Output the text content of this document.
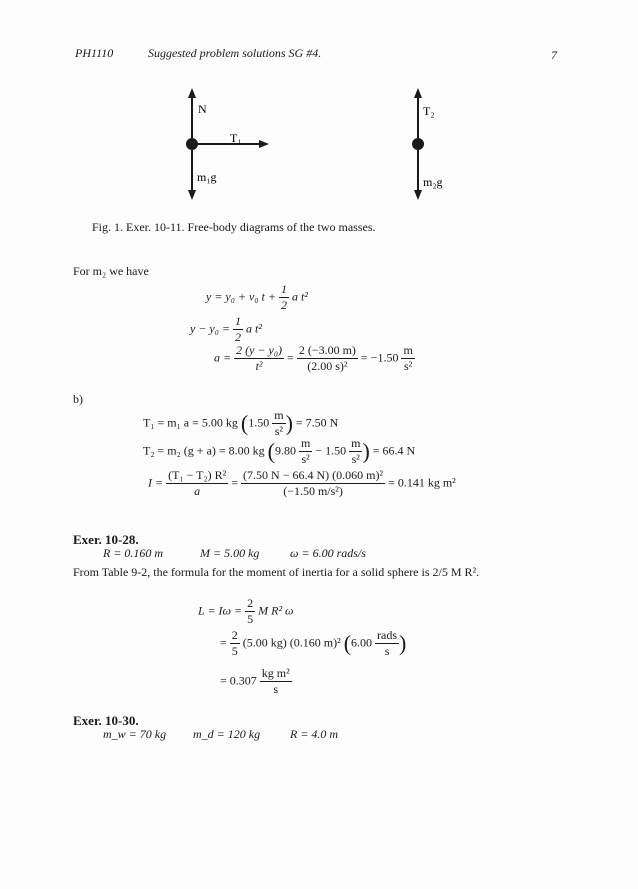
PH1110	Suggested problem solutions SG #4.	7
N
T₁
m₁g
T₂
m₂g
Fig. 1. Exer. 10-11. Free-body diagrams of the two masses.
For m₂ we have
y = y₀ + v₀ $t + \frac{1}{2}$ a t²
$y - y_0 = \frac{1}{2}$ a t²
$a = \frac{\text{2 (y − y₀)}}{\text{t²}} = \frac{2 (-3.00 m)}{\text{(2.00 s)²}} = -1.50 \frac{m}{\text{s²}}$
b)
T₁ = m₁ a = 5.00 kg ($1.50 \frac{m}{\text{s²}}$ ) = 7.50 N
T₂ = m₂ (g + a) = 8.00 kg ($9.80 \frac{m}{\text{s²}} - 1.50 \frac{m}{\text{s²}}$ ) = 66.4 N
$I = \frac{\text{(T₁ − T₂) R²}}{a} = \frac{\text{(7.50 N − 66.4 N) (0.060 m)²}}{\text{(−1.50 m/s²)}} = 0.141$ kg m²
Exer. 10-28.
R = 0.160 m	M = 5.00 kg	ω = 6.00 rads/s
From Table 9-2, the formula for the moment of inertia for a solid sphere is 2/5 M R².
$L = I\omega = \frac{2}{5}$ M R² ω
= $\frac{2}{5} (5.00$ kg) (0.160 m)² ($6.00 \frac{\text{rads}}{s}$ )
= $0.307 \frac{\text{kg m²}}{s}$
Exer. 10-30.
m_w = 70 kg m_d = 120 kg R = 4.0 m
